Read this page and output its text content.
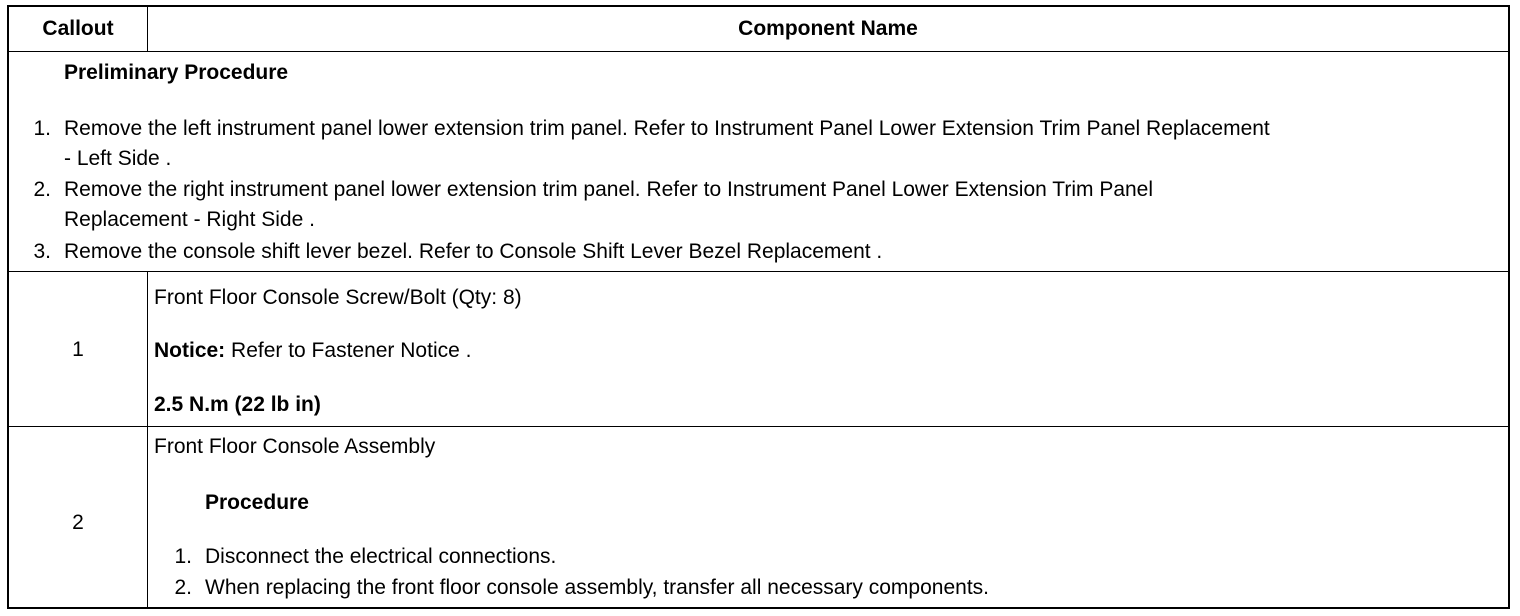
Callout	Component Name
Preliminary Procedure
1. Remove the left instrument panel lower extension trim panel. Refer to Instrument Panel Lower Extension Trim Panel Replacement
- Left Side .
2. Remove the right instrument panel lower extension trim panel. Refer to Instrument Panel Lower Extension Trim Panel
Replacement - Right Side .
3. Remove the console shift lever bezel. Refer to Console Shift Lever Bezel Replacement .
1
Front Floor Console Screw/Bolt (Qty: 8)
Notice: Refer to Fastener Notice .
2.5 N.m (22 lb in)
2
Front Floor Console Assembly
Procedure
1. Disconnect the electrical connections.
2. When replacing the front floor console assembly, transfer all necessary components.
